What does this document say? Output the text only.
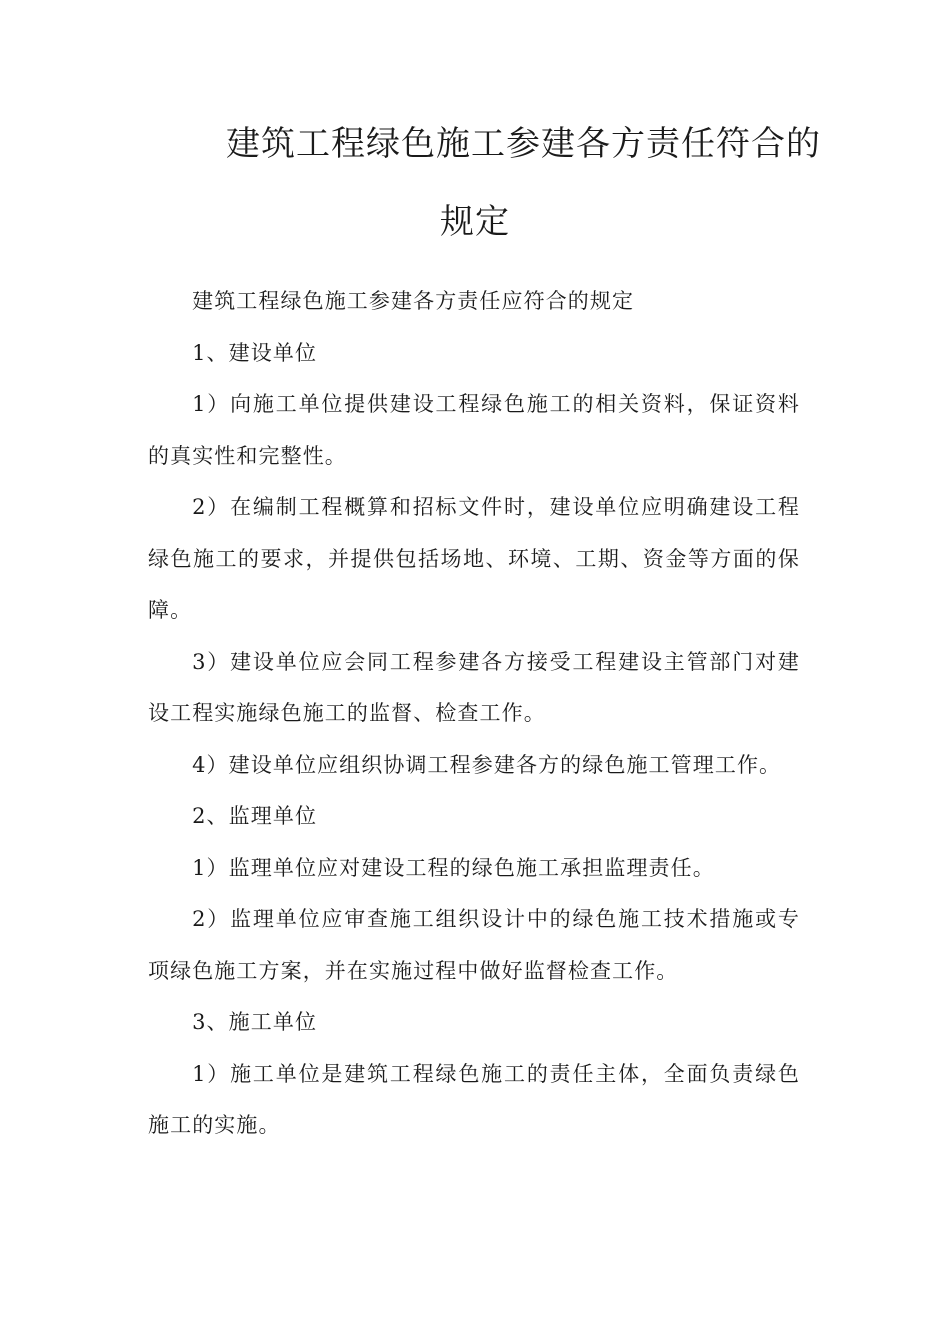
建筑工程绿色施工参建各方责任符合的
规定

建筑工程绿色施工参建各方责任应符合的规定

1、建设单位

1）向施工单位提供建设工程绿色施工的相关资料，保证资料的真实性和完整性。

2）在编制工程概算和招标文件时，建设单位应明确建设工程绿色施工的要求，并提供包括场地、环境、工期、资金等方面的保障。

3）建设单位应会同工程参建各方接受工程建设主管部门对建设工程实施绿色施工的监督、检查工作。

4）建设单位应组织协调工程参建各方的绿色施工管理工作。

2、监理单位

1）监理单位应对建设工程的绿色施工承担监理责任。

2）监理单位应审查施工组织设计中的绿色施工技术措施或专项绿色施工方案，并在实施过程中做好监督检查工作。

3、施工单位

1）施工单位是建筑工程绿色施工的责任主体，全面负责绿色施工的实施。
